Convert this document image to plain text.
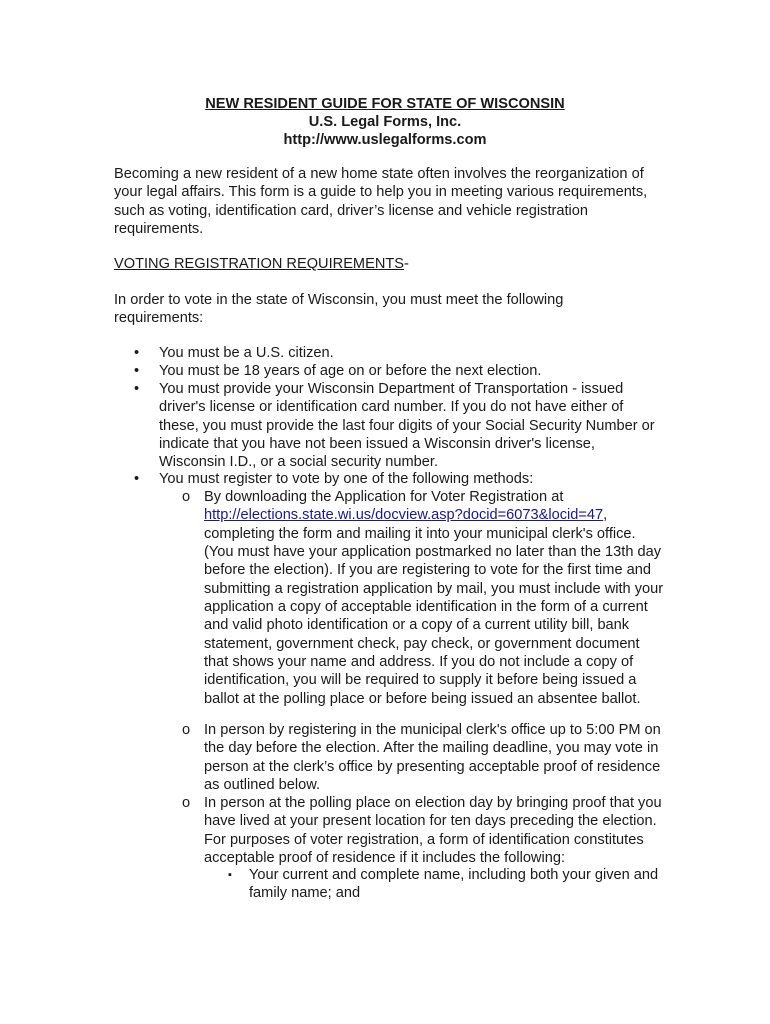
NEW RESIDENT GUIDE FOR STATE OF WISCONSIN
U.S. Legal Forms, Inc.
http://www.uslegalforms.com
Becoming a new resident of a new home state often involves the reorganization of your legal affairs. This form is a guide to help you in meeting various requirements, such as voting, identification card, driver’s license and vehicle registration requirements.
VOTING REGISTRATION REQUIREMENTS-
In order to vote in the state of Wisconsin, you must meet the following requirements:
• You must be a U.S. citizen.
• You must be 18 years of age on or before the next election.
• You must provide your Wisconsin Department of Transportation - issued driver's license or identification card number. If you do not have either of these, you must provide the last four digits of your Social Security Number or indicate that you have not been issued a Wisconsin driver's license, Wisconsin I.D., or a social security number.
• You must register to vote by one of the following methods:
o By downloading the Application for Voter Registration at http://elections.state.wi.us/docview.asp?docid=6073&locid=47, completing the form and mailing it into your municipal clerk's office. (You must have your application postmarked no later than the 13th day before the election). If you are registering to vote for the first time and submitting a registration application by mail, you must include with your application a copy of acceptable identification in the form of a current and valid photo identification or a copy of a current utility bill, bank statement, government check, pay check, or government document that shows your name and address. If you do not include a copy of identification, you will be required to supply it before being issued a ballot at the polling place or before being issued an absentee ballot.
o In person by registering in the municipal clerk's office up to 5:00 PM on the day before the election. After the mailing deadline, you may vote in person at the clerk’s office by presenting acceptable proof of residence as outlined below.
o In person at the polling place on election day by bringing proof that you have lived at your present location for ten days preceding the election. For purposes of voter registration, a form of identification constitutes acceptable proof of residence if it includes the following:
▪ Your current and complete name, including both your given and family name; and
